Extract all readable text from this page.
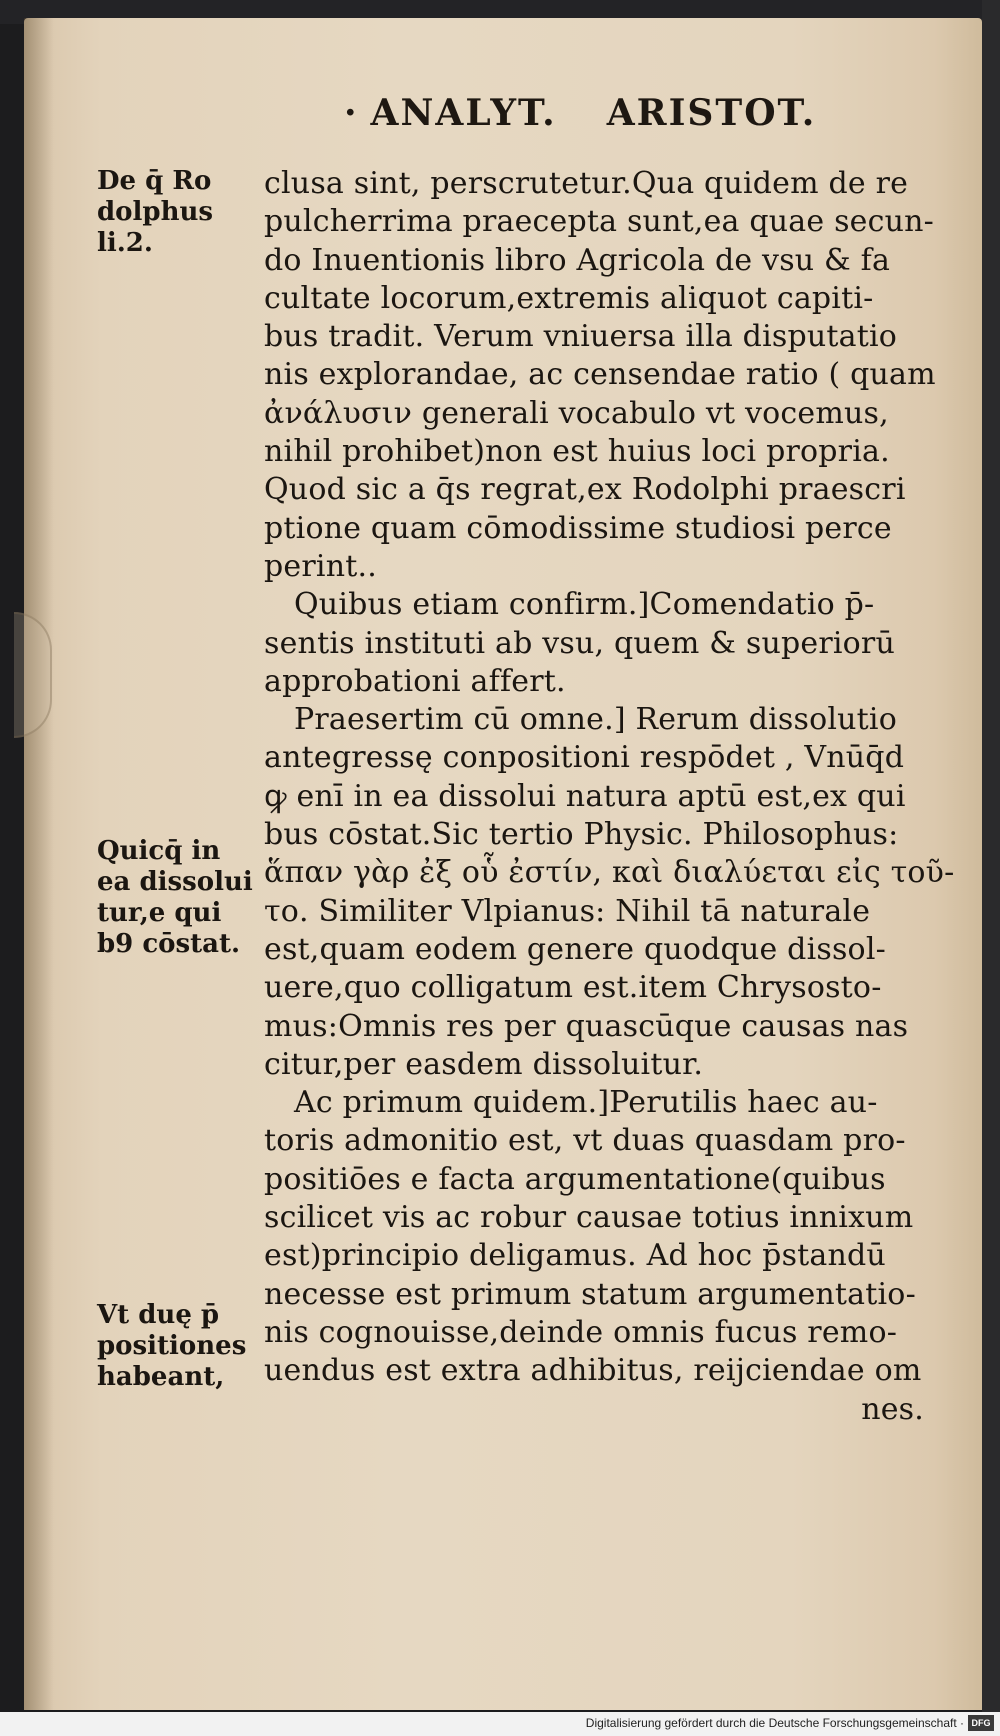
· ANALYT. ARISTOT.
clusa sint, perscrutetur.Qua quidem de re
pulcherrima praecepta sunt,ea quae secun-
do Inuentionis libro Agricola de vsu & fa
cultate locorum,extremis aliquot capiti-
bus tradit. Verum vniuersa illa disputatio
nis explorandae, ac censendae ratio ( quam
ἀνάλυσιν generali vocabulo vt vocemus,
nihil prohibet)non est huius loci propria.
Quod sic a q̄s regrat,ex Rodolphi praescri
ptione quam cōmodissime studiosi perce
perint..
Quibus etiam confirm.]Comendatio p̄-
sentis instituti ab vsu, quem & superiorū
approbationi affert.
Praesertim cū omne.] Rerum dissolutio
antegressę conpositioni respōdet , Vnūq̄d
ꝙ enī in ea dissolui natura aptū est,ex qui
bus cōstat.Sic tertio Physic. Philosophus:
ἅπαν γὰρ ἐξ οὗ ἐστίν, καὶ διαλύεται εἰς τοῦ-
το. Similiter Vlpianus: Nihil tā naturale
est,quam eodem genere quodque dissol-
uere,quo colligatum est.item Chrysosto-
mus:Omnis res per quascūque causas nas
citur,per easdem dissoluitur.
Ac primum quidem.]Perutilis haec au-
toris admonitio est, vt duas quasdam pro-
positiōes e facta argumentatione(quibus
scilicet vis ac robur causae totius innixum
est)principio deligamus. Ad hoc p̄standū
necesse est primum statum argumentatio-
nis cognouisse,deinde omnis fucus remo-
uendus est extra adhibitus, reijciendae om
nes.
De q̄ Ro
dolphus
li.2.
Quicq̄ in
ea dissolui
tur,e qui
b9 cōstat.
Vt duę p̄
positiones
habeant,
Digitalisierung gefördert durch die Deutsche Forschungsgemeinschaft · DFG
